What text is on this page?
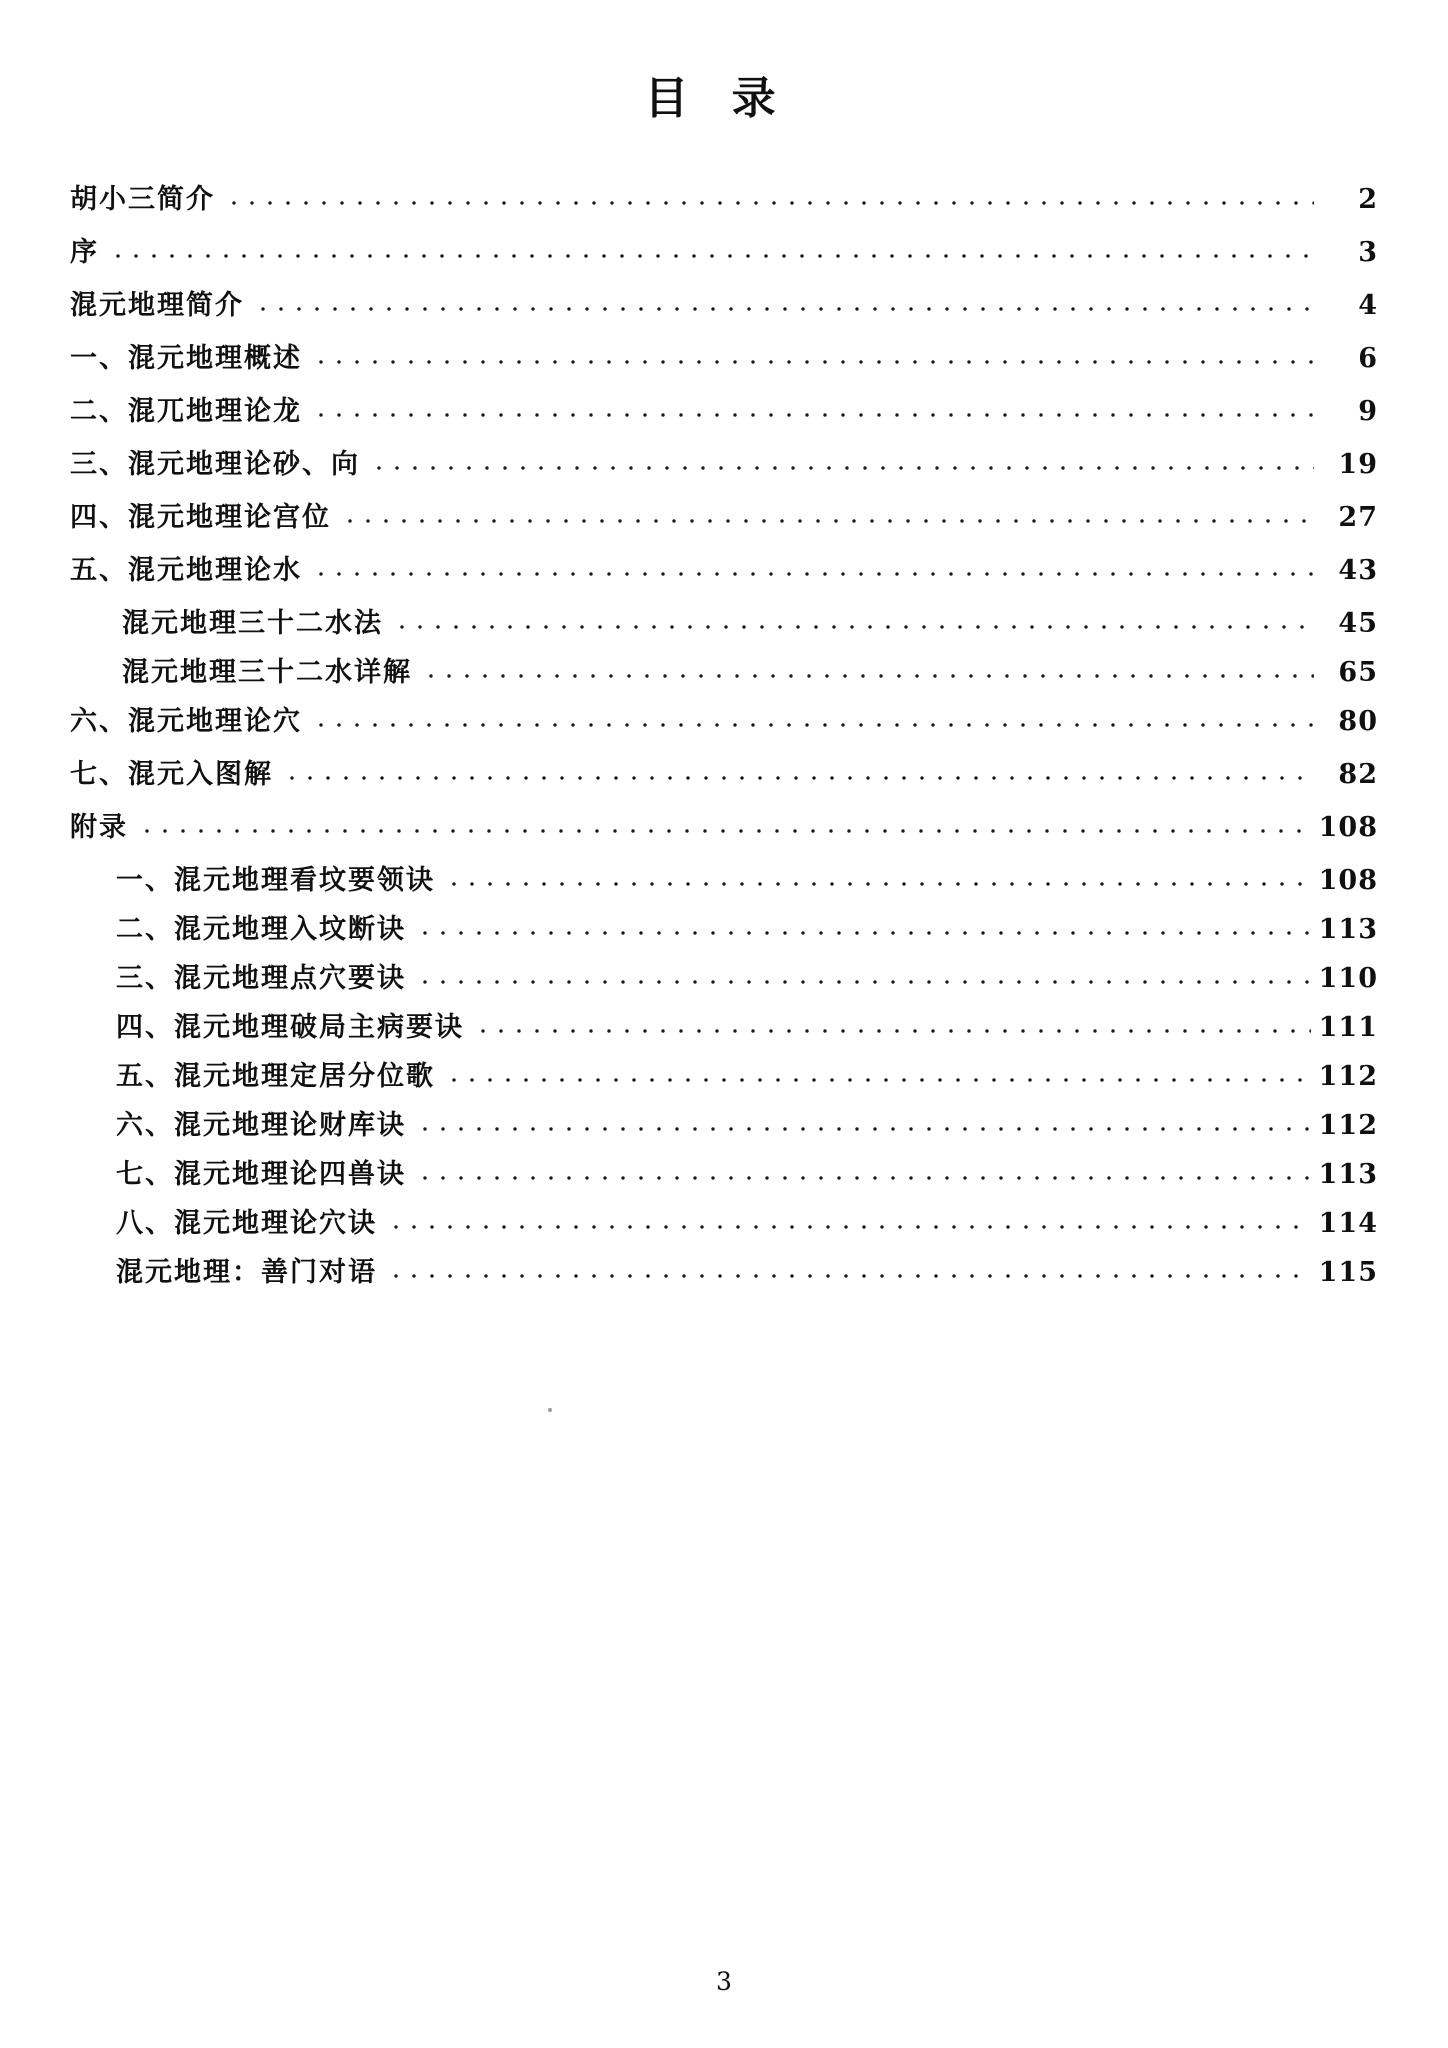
目 录
胡小三简介	2
序	3
混元地理简介	4
一、混元地理概述	6
二、混兀地理论龙	9
三、混元地理论砂、向	19
四、混元地理论宫位	27
五、混元地理论水	43
混元地理三十二水法	45
混元地理三十二水详解	65
六、混元地理论穴	80
七、混元入图解	82
附录	108
一、混元地理看坟要领诀	108
二、混元地理入坟断诀	113
三、混元地理点穴要诀	110
四、混元地理破局主病要诀	111
五、混元地理定居分位歌	112
六、混元地理论财库诀	112
七、混元地理论四兽诀	113
八、混元地理论穴诀	114
混元地理：善门对语	115
3
